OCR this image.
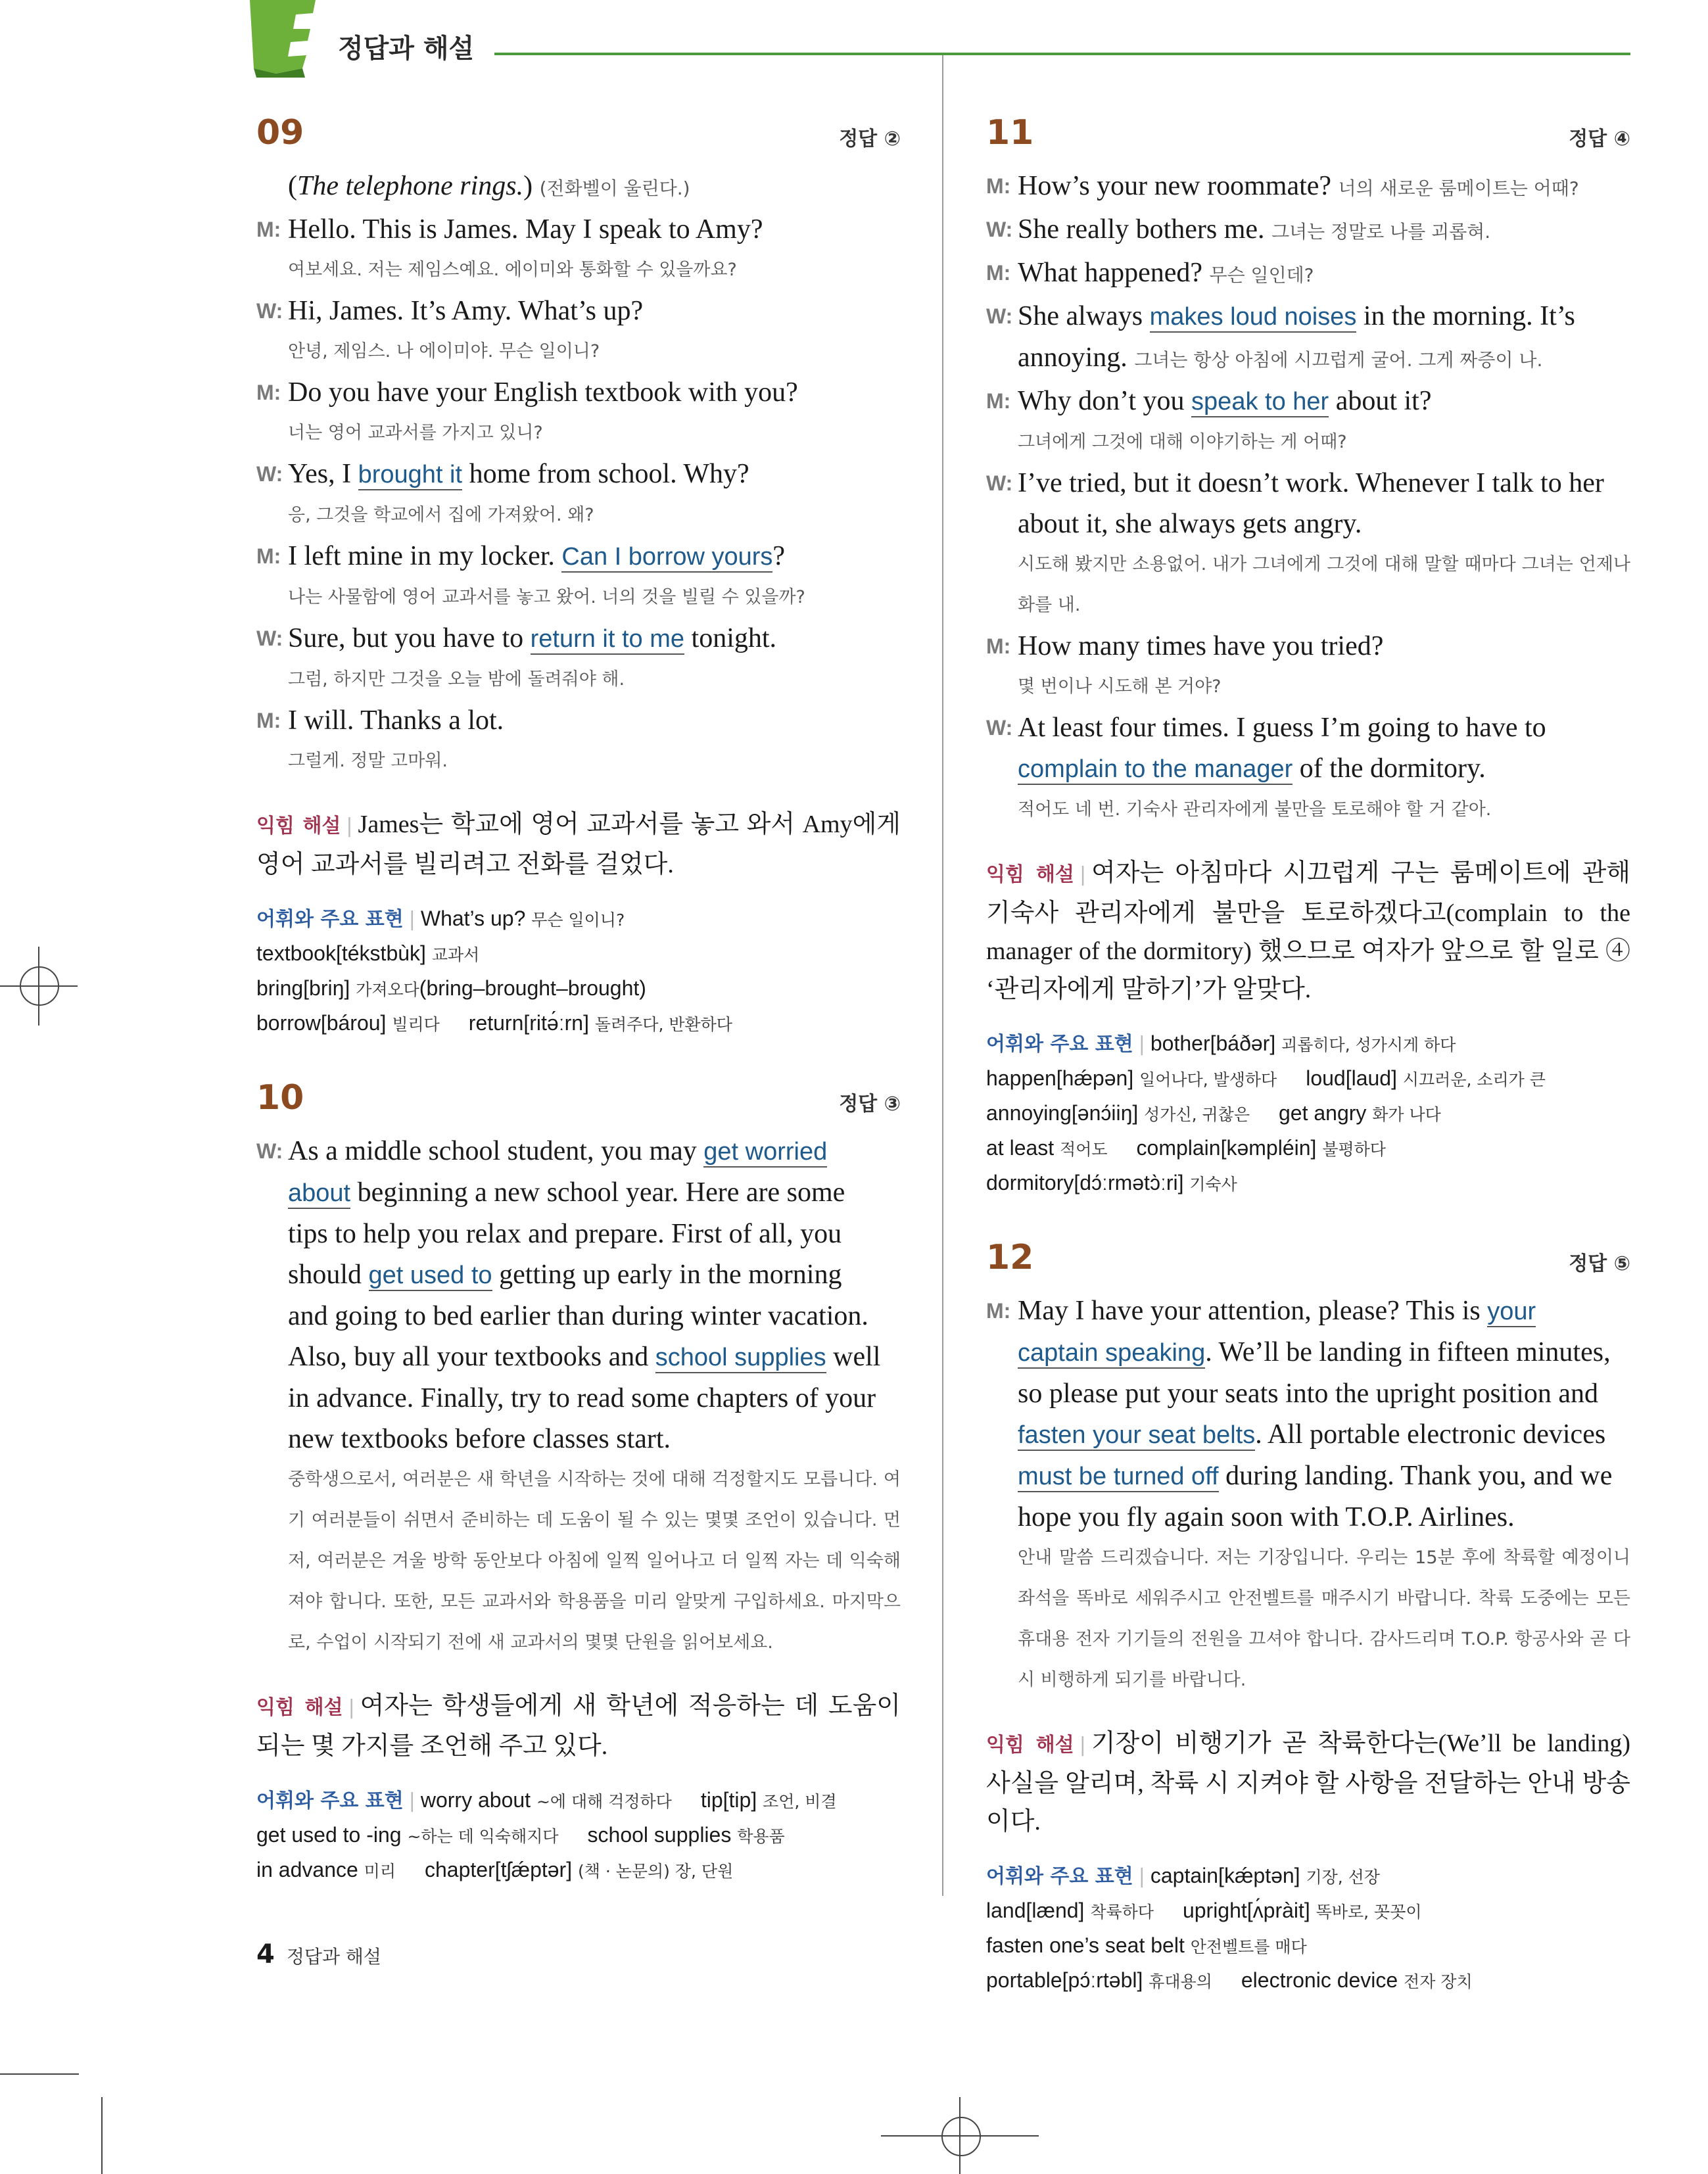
정답과 해설
09	정답 ②
(The telephone rings.) (전화벨이 울린다.)
M: Hello. This is James. May I speak to Amy?
여보세요. 저는 제임스예요. 에이미와 통화할 수 있을까요?
W: Hi, James. It’s Amy. What’s up?
안녕, 제임스. 나 에이미야. 무슨 일이니?
M: Do you have your English textbook with you?
너는 영어 교과서를 가지고 있니?
W: Yes, I brought it home from school. Why?
응, 그것을 학교에서 집에 가져왔어. 왜?
M: I left mine in my locker. Can I borrow yours?
나는 사물함에 영어 교과서를 놓고 왔어. 너의 것을 빌릴 수 있을까?
W: Sure, but you have to return it to me tonight.
그럼, 하지만 그것을 오늘 밤에 돌려줘야 해.
M: I will. Thanks a lot.
그럴게. 정말 고마워.
익힘 해설 | James는 학교에 영어 교과서를 놓고 와서 Amy에게 영어 교과서를 빌리려고 전화를 걸었다.
어휘와 주요 표현 | What’s up? 무슨 일이니?
textbook[tékstbùk] 교과서
bring[briŋ] 가져오다(bring–brought–brought)
borrow[bárou] 빌리다 return[ritə́ːrn] 돌려주다, 반환하다
10	정답 ③
W: As a middle school student, you may get worried
about beginning a new school year. Here are some
tips to help you relax and prepare. First of all, you
should get used to getting up early in the morning
and going to bed earlier than during winter vacation.
Also, buy all your textbooks and school supplies well
in advance. Finally, try to read some chapters of your
new textbooks before classes start.
중학생으로서, 여러분은 새 학년을 시작하는 것에 대해 걱정할지도 모릅니다. 여기 여러분들이 쉬면서 준비하는 데 도움이 될 수 있는 몇몇 조언이 있습니다. 먼저, 여러분은 겨울 방학 동안보다 아침에 일찍 일어나고 더 일찍 자는 데 익숙해져야 합니다. 또한, 모든 교과서와 학용품을 미리 알맞게 구입하세요. 마지막으로, 수업이 시작되기 전에 새 교과서의 몇몇 단원을 읽어보세요.
익힘 해설 | 여자는 학생들에게 새 학년에 적응하는 데 도움이 되는 몇 가지를 조언해 주고 있다.
어휘와 주요 표현 | worry about ~에 대해 걱정하다 tip[tip] 조언, 비결
get used to -ing ~하는 데 익숙해지다 school supplies 학용품
in advance 미리 chapter[tʃǽptər] (책 · 논문의) 장, 단원
11	정답 ④
M: How’s your new roommate? 너의 새로운 룸메이트는 어때?
W: She really bothers me. 그녀는 정말로 나를 괴롭혀.
M: What happened? 무슨 일인데?
W: She always makes loud noises in the morning. It’s
annoying. 그녀는 항상 아침에 시끄럽게 굴어. 그게 짜증이 나.
M: Why don’t you speak to her about it?
그녀에게 그것에 대해 이야기하는 게 어때?
W: I’ve tried, but it doesn’t work. Whenever I talk to her
about it, she always gets angry.
시도해 봤지만 소용없어. 내가 그녀에게 그것에 대해 말할 때마다 그녀는 언제나 화를 내.
M: How many times have you tried?
몇 번이나 시도해 본 거야?
W: At least four times. I guess I’m going to have to
complain to the manager of the dormitory.
적어도 네 번. 기숙사 관리자에게 불만을 토로해야 할 거 같아.
익힘 해설 | 여자는 아침마다 시끄럽게 구는 룸메이트에 관해 기숙사 관리자에게 불만을 토로하겠다고(complain to the manager of the dormitory) 했으므로 여자가 앞으로 할 일로 ④ ‘관리자에게 말하기’가 알맞다.
어휘와 주요 표현 | bother[báðər] 괴롭히다, 성가시게 하다
happen[hǽpən] 일어나다, 발생하다 loud[laud] 시끄러운, 소리가 큰
annoying[ənɔ́iiŋ] 성가신, 귀찮은 get angry 화가 나다
at least 적어도 complain[kəmpléin] 불평하다
dormitory[dɔ́ːrmətɔ̀ːri] 기숙사
12	정답 ⑤
M: May I have your attention, please? This is your
captain speaking. We’ll be landing in fifteen minutes,
so please put your seats into the upright position and
fasten your seat belts. All portable electronic devices
must be turned off during landing. Thank you, and we
hope you fly again soon with T.O.P. Airlines.
안내 말씀 드리겠습니다. 저는 기장입니다. 우리는 15분 후에 착륙할 예정이니 좌석을 똑바로 세워주시고 안전벨트를 매주시기 바랍니다. 착륙 도중에는 모든 휴대용 전자 기기들의 전원을 끄셔야 합니다. 감사드리며 T.O.P. 항공사와 곧 다시 비행하게 되기를 바랍니다.
익힘 해설 | 기장이 비행기가 곧 착륙한다는(We’ll be landing) 사실을 알리며, 착륙 시 지켜야 할 사항을 전달하는 안내 방송이다.
어휘와 주요 표현 | captain[kǽptən] 기장, 선장
land[lænd] 착륙하다 upright[ʌ́pràit] 똑바로, 꼿꼿이
fasten one’s seat belt 안전벨트를 매다
portable[pɔ́ːrtəbl] 휴대용의 electronic device 전자 장치
4 정답과 해설
